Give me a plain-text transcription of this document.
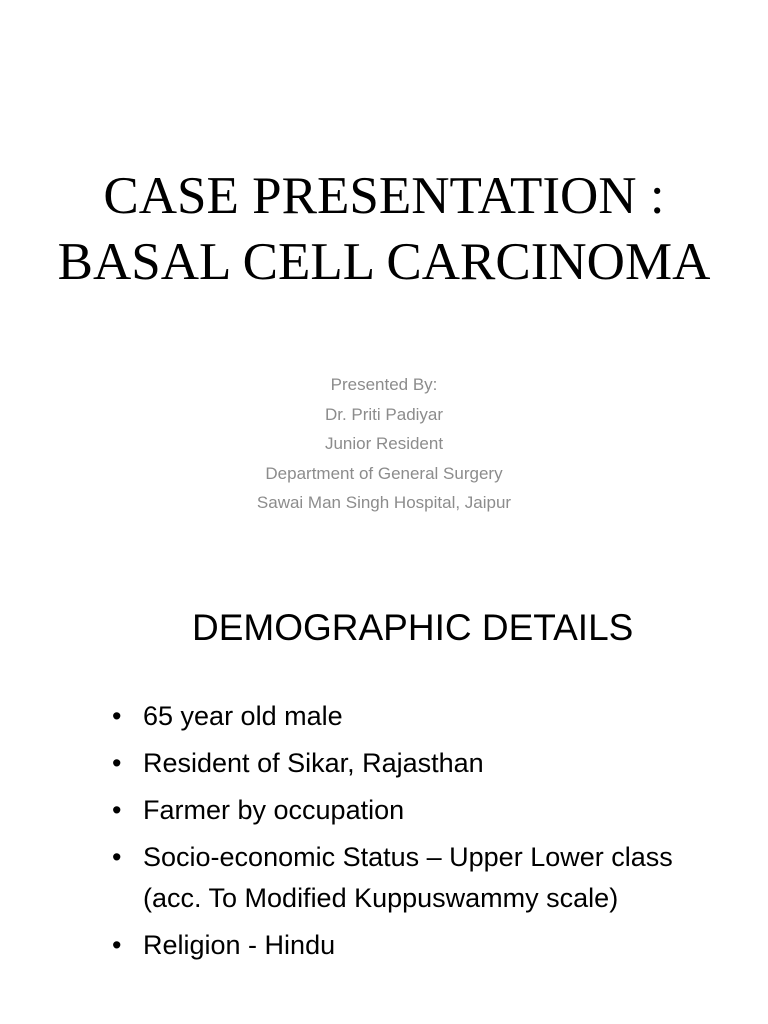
CASE PRESENTATION :
BASAL CELL CARCINOMA
Presented By:
Dr. Priti Padiyar
Junior Resident
Department of General Surgery
Sawai Man Singh Hospital, Jaipur
DEMOGRAPHIC DETAILS
• 65 year old male
• Resident of Sikar, Rajasthan
• Farmer by occupation
• Socio-economic Status – Upper Lower class (acc. To Modified Kuppuswammy scale)
• Religion - Hindu
